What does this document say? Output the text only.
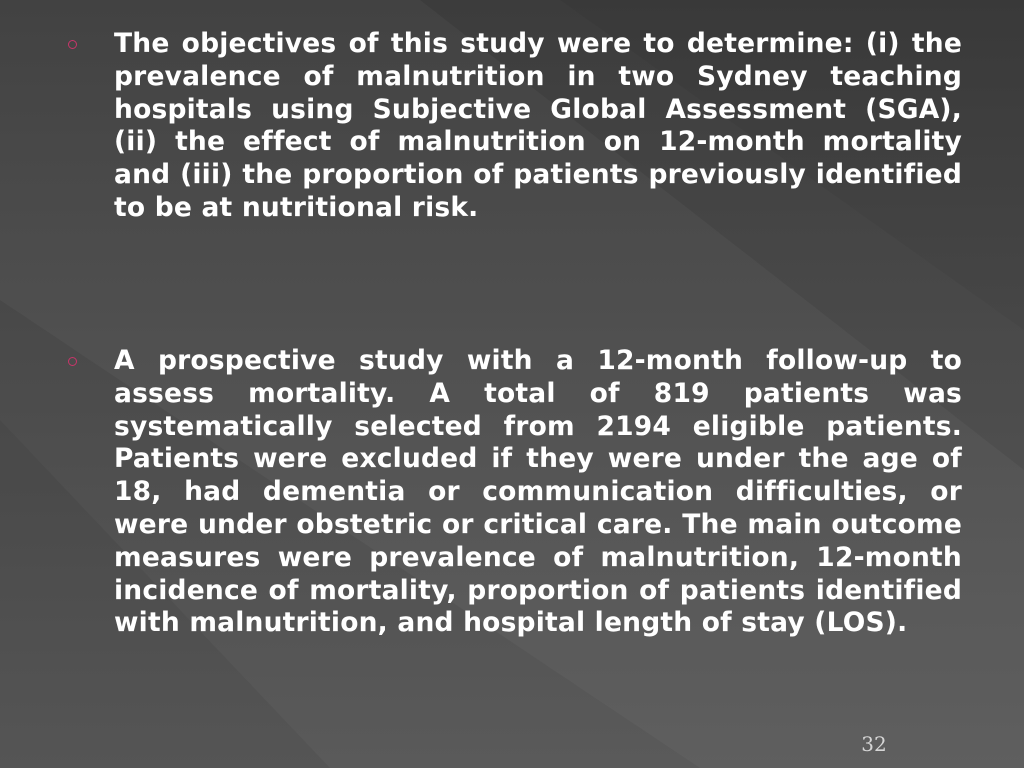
The objectives of this study were to determine: (i) the prevalence of malnutrition in two Sydney teaching hospitals using Subjective Global Assessment (SGA), (ii) the effect of malnutrition on 12-month mortality and (iii) the proportion of patients previously identified to be at nutritional risk.

A prospective study with a 12-month follow-up to assess mortality. A total of 819 patients was systematically selected from 2194 eligible patients. Patients were excluded if they were under the age of 18, had dementia or communication difficulties, or were under obstetric or critical care. The main outcome measures were prevalence of malnutrition, 12-month incidence of mortality, proportion of patients identified with malnutrition, and hospital length of stay (LOS).

32
